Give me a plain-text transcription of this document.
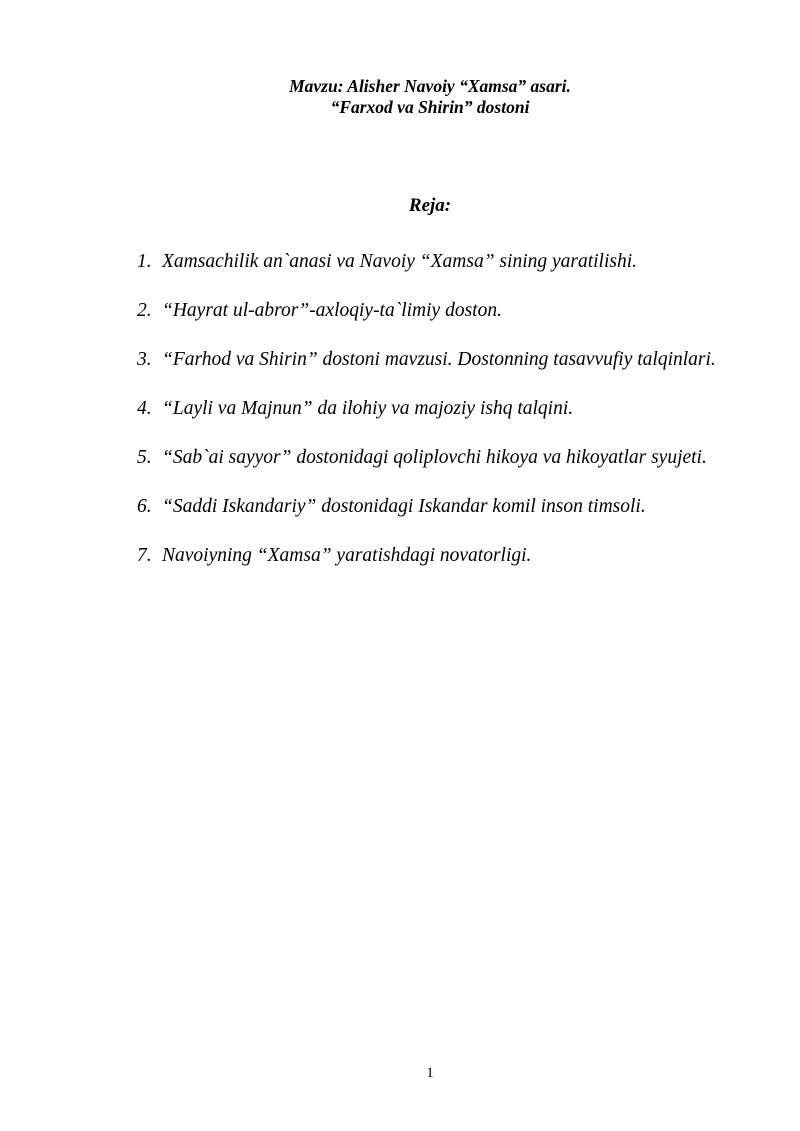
Mavzu: Alisher Navoiy “Xamsa” asari.
“Farxod va Shirin” dostoni
Reja:
1. Xamsachilik an`anasi va Navoiy “Xamsa” sining yaratilishi.
2. “Hayrat ul-abror”-axloqiy-ta`limiy doston.
3. “Farhod va Shirin” dostoni mavzusi. Dostonning tasavvufiy talqinlari.
4. “Layli va Majnun” da ilohiy va majoziy ishq talqini.
5. “Sab`ai sayyor” dostonidagi qoliplovchi hikoya va hikoyatlar syujeti.
6. “Saddi Iskandariy” dostonidagi Iskandar komil inson timsoli.
7. Navoiyning “Xamsa” yaratishdagi novatorligi.
1
